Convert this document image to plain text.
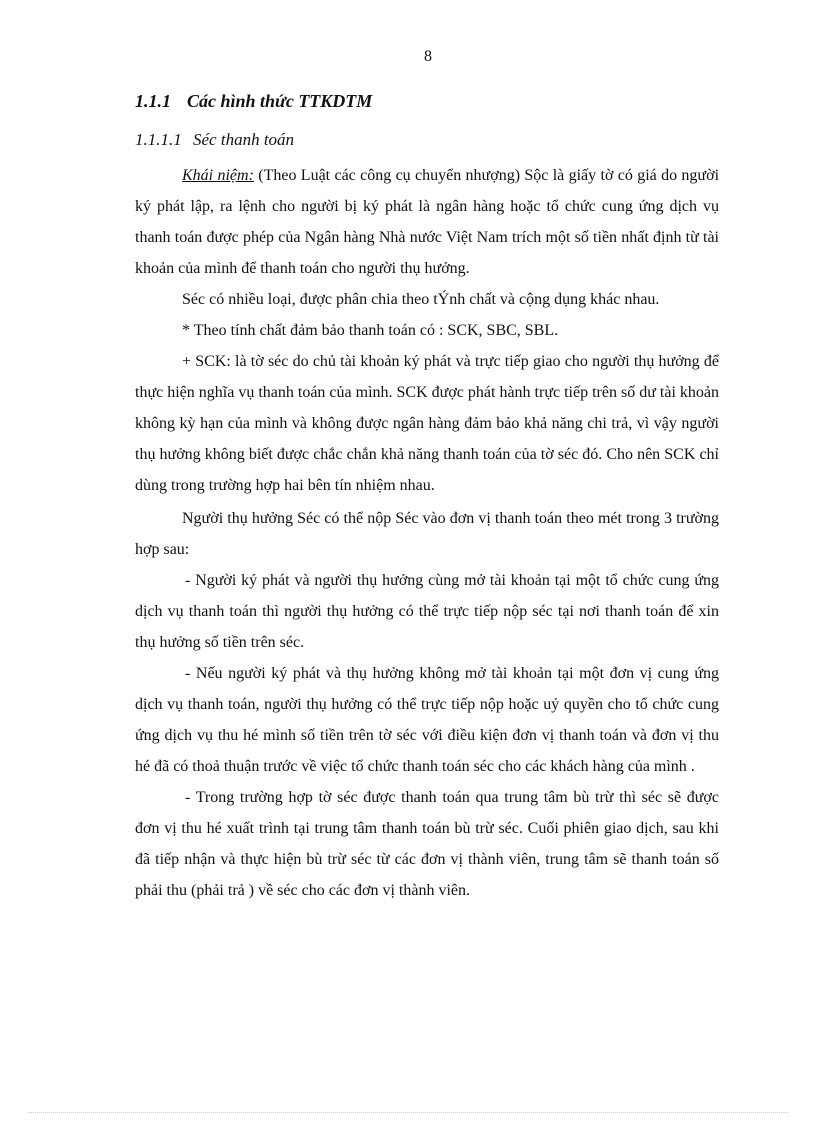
8
1.1.1 Các hình thức TTKDTM
1.1.1.1 Séc thanh toán

Khái niệm: (Theo Luật các công cụ chuyển nhượng) Sộc là giấy tờ có giá do người ký phát lập, ra lệnh cho người bị ký phát là ngân hàng hoặc tổ chức cung ứng dịch vụ thanh toán được phép của Ngân hàng Nhà nước Việt Nam trích một số tiền nhất định từ tài khoản của mình để thanh toán cho người thụ hưởng.

Séc có nhiều loại, được phân chia theo tÝnh chất và cộng dụng khác nhau.

* Theo tính chất đảm bảo thanh toán có : SCK, SBC, SBL.

+ SCK: là tờ séc do chủ tài khoản ký phát và trực tiếp giao cho người thụ hưởng để thực hiện nghĩa vụ thanh toán của mình. SCK được phát hành trực tiếp trên số dư tài khoản không kỳ hạn của mình và không được ngân hàng đảm bảo khả năng chi trả, vì vậy người thụ hưởng không biết được chắc chắn khả năng thanh toán của tờ séc đó. Cho nên SCK chỉ dùng trong trường hợp hai bên tín nhiệm nhau.

Người thụ hưởng Séc có thể nộp Séc vào đơn vị thanh toán theo mét trong 3 trường hợp sau:

- Người ký phát và người thụ hưởng cùng mở tài khoản tại một tổ chức cung ứng dịch vụ thanh toán thì người thụ hưởng có thể trực tiếp nộp séc tại nơi thanh toán để xin thụ hưởng số tiền trên séc.

- Nếu người ký phát và thụ hưởng không mở tài khoản tại một đơn vị cung ứng dịch vụ thanh toán, người thụ hưởng có thể trực tiếp nộp hoặc uỷ quyền cho tổ chức cung ứng dịch vụ thu hé mình số tiền trên tờ séc với điều kiện đơn vị thanh toán và đơn vị thu hé đã có thoả thuận trước về việc tổ chức thanh toán séc cho các khách hàng của mình .

- Trong trường hợp tờ séc được thanh toán qua trung tâm bù trừ thì séc sẽ được đơn vị thu hé xuất trình tại trung tâm thanh toán bù trừ séc. Cuối phiên giao dịch, sau khi đã tiếp nhận và thực hiện bù trừ séc từ các đơn vị thành viên, trung tâm sẽ thanh toán số phải thu (phải trả ) về séc cho các đơn vị thành viên.
